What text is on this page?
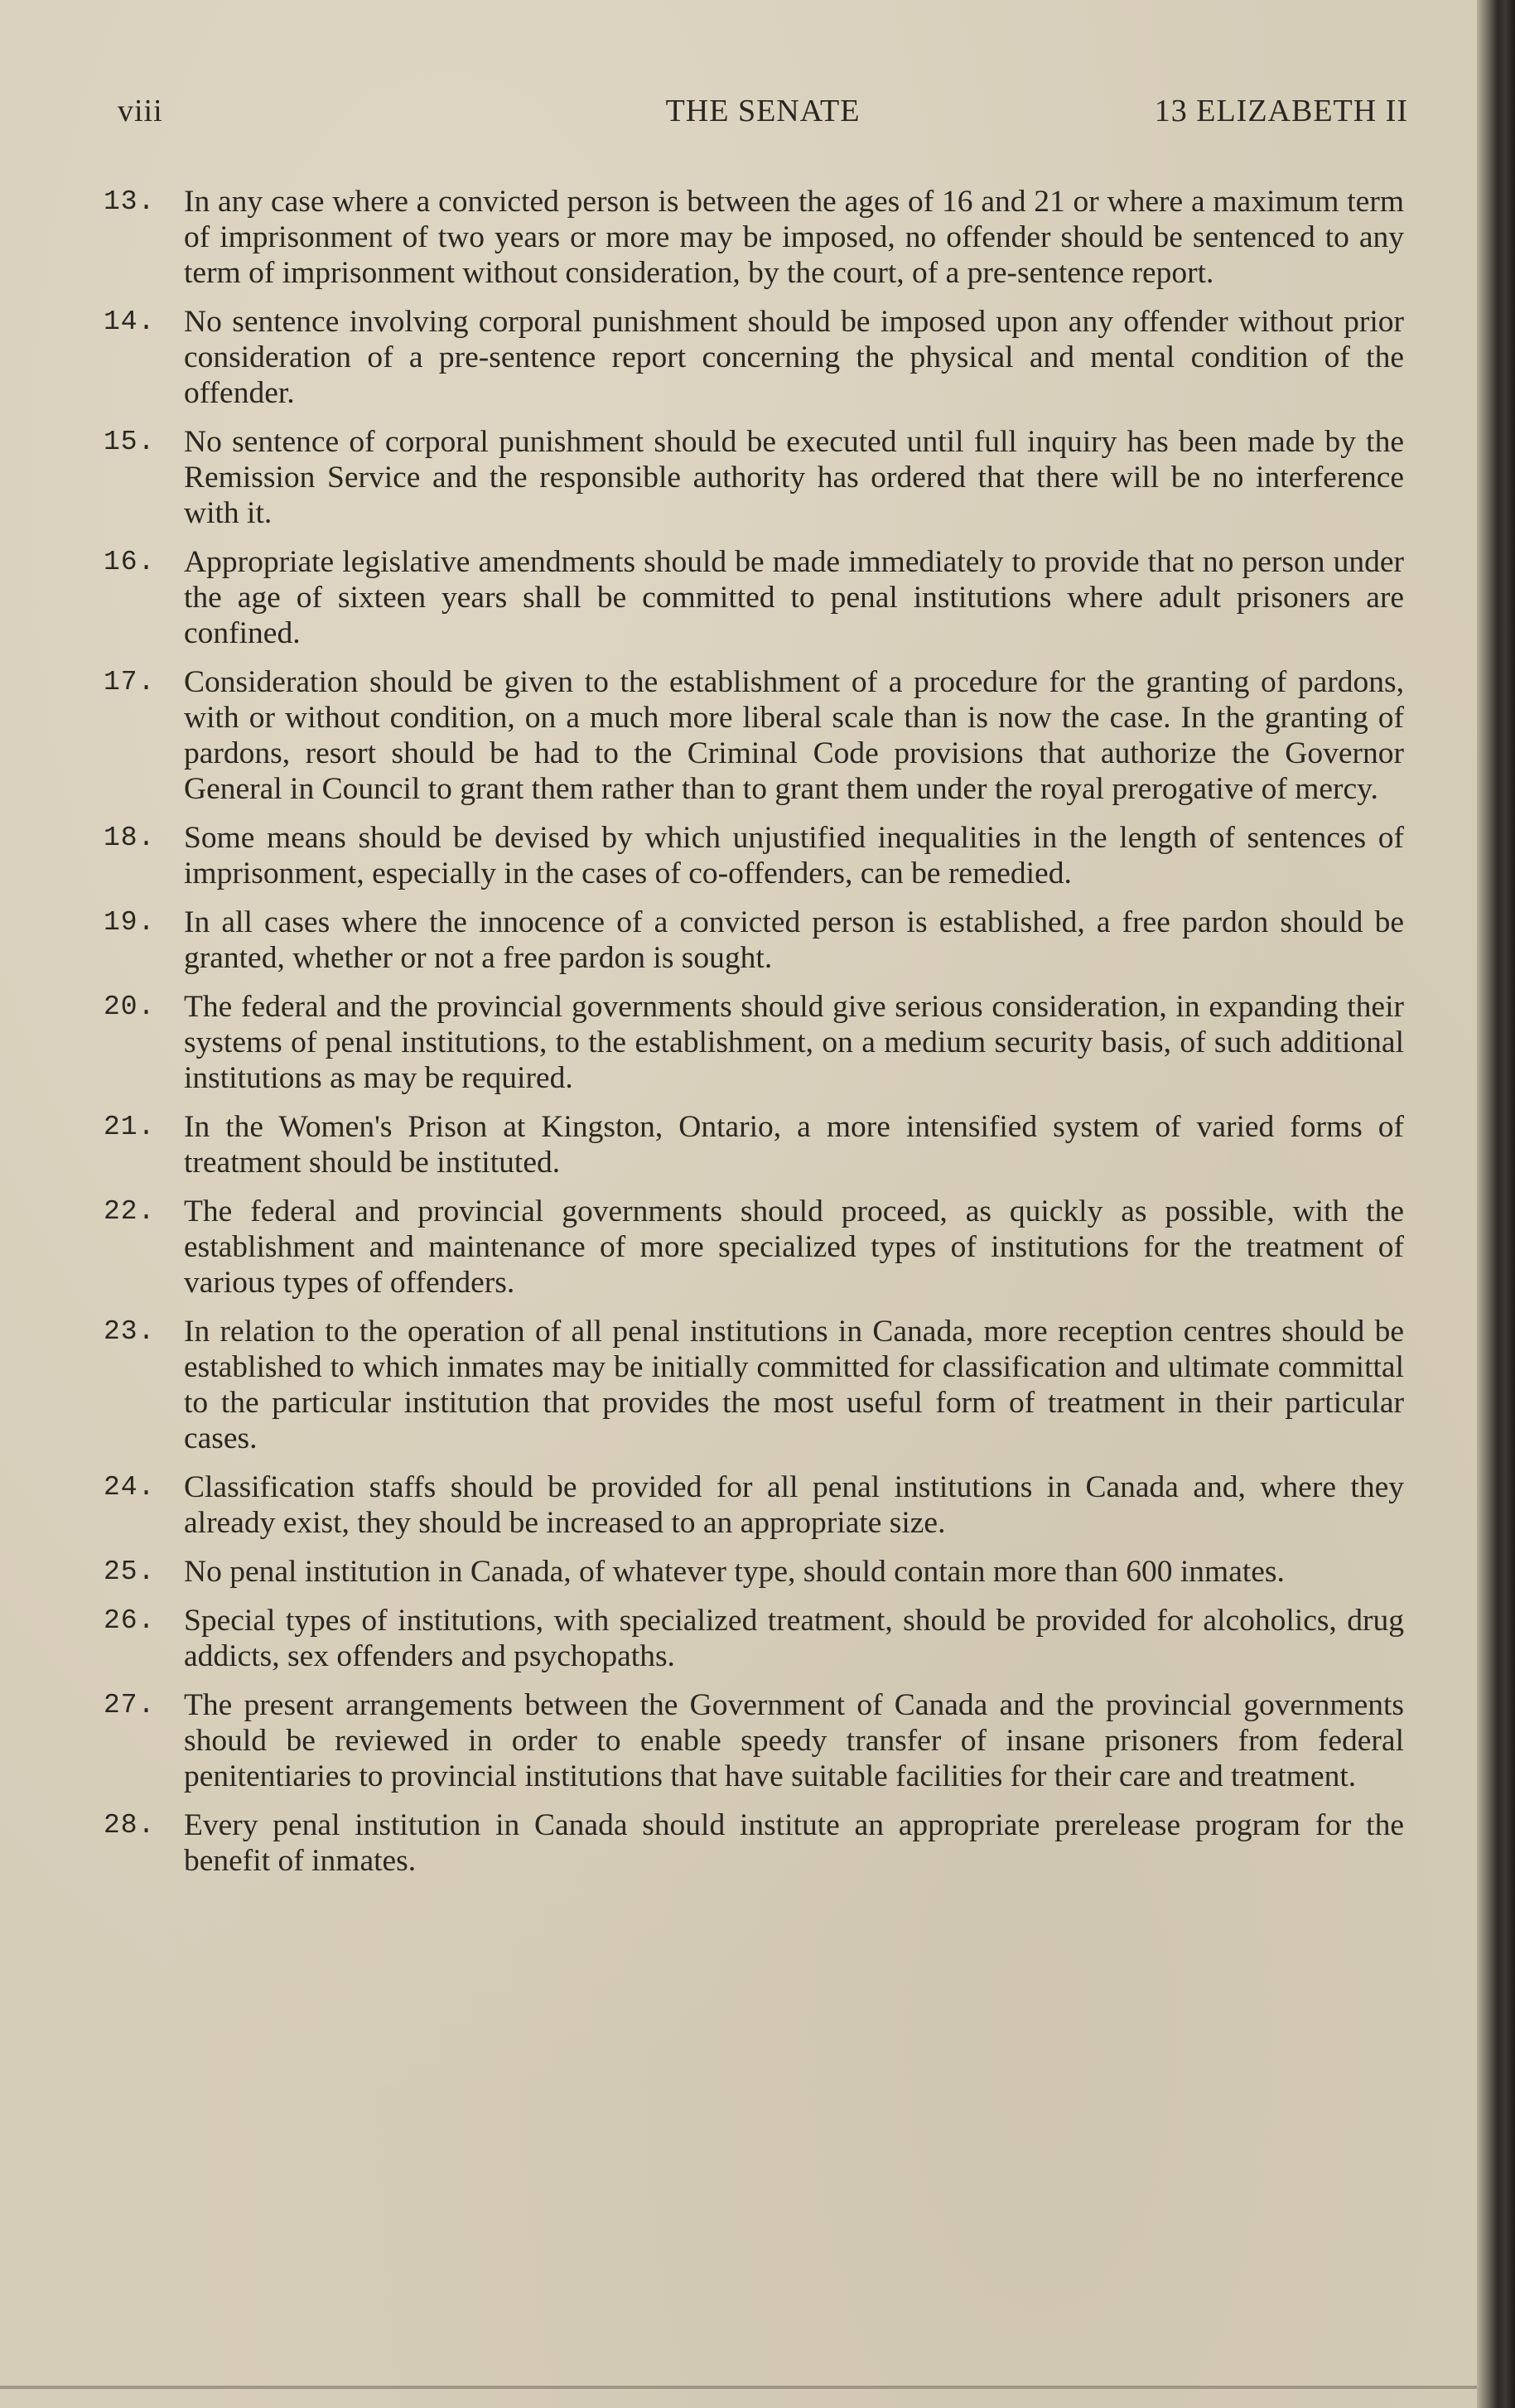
viii	THE SENATE	13 ELIZABETH II
13. In any case where a convicted person is between the ages of 16 and 21 or where a maximum term of imprisonment of two years or more may be imposed, no offender should be sentenced to any term of imprisonment without consideration, by the court, of a pre-sentence report.
14. No sentence involving corporal punishment should be imposed upon any offender without prior consideration of a pre-sentence report concerning the physical and mental condition of the offender.
15. No sentence of corporal punishment should be executed until full inquiry has been made by the Remission Service and the responsible authority has ordered that there will be no interference with it.
16. Appropriate legislative amendments should be made immediately to provide that no person under the age of sixteen years shall be committed to penal institutions where adult prisoners are confined.
17. Consideration should be given to the establishment of a procedure for the granting of pardons, with or without condition, on a much more liberal scale than is now the case. In the granting of pardons, resort should be had to the Criminal Code provisions that authorize the Governor General in Council to grant them rather than to grant them under the royal prerogative of mercy.
18. Some means should be devised by which unjustified inequalities in the length of sentences of imprisonment, especially in the cases of co-offenders, can be remedied.
19. In all cases where the innocence of a convicted person is established, a free pardon should be granted, whether or not a free pardon is sought.
20. The federal and the provincial governments should give serious consideration, in expanding their systems of penal institutions, to the establishment, on a medium security basis, of such additional institutions as may be required.
21. In the Women's Prison at Kingston, Ontario, a more intensified system of varied forms of treatment should be instituted.
22. The federal and provincial governments should proceed, as quickly as possible, with the establishment and maintenance of more specialized types of institutions for the treatment of various types of offenders.
23. In relation to the operation of all penal institutions in Canada, more reception centres should be established to which inmates may be initially committed for classification and ultimate committal to the particular institution that provides the most useful form of treatment in their particular cases.
24. Classification staffs should be provided for all penal institutions in Canada and, where they already exist, they should be increased to an appropriate size.
25. No penal institution in Canada, of whatever type, should contain more than 600 inmates.
26. Special types of institutions, with specialized treatment, should be provided for alcoholics, drug addicts, sex offenders and psychopaths.
27. The present arrangements between the Government of Canada and the provincial governments should be reviewed in order to enable speedy transfer of insane prisoners from federal penitentiaries to provincial institutions that have suitable facilities for their care and treatment.
28. Every penal institution in Canada should institute an appropriate prerelease program for the benefit of inmates.
